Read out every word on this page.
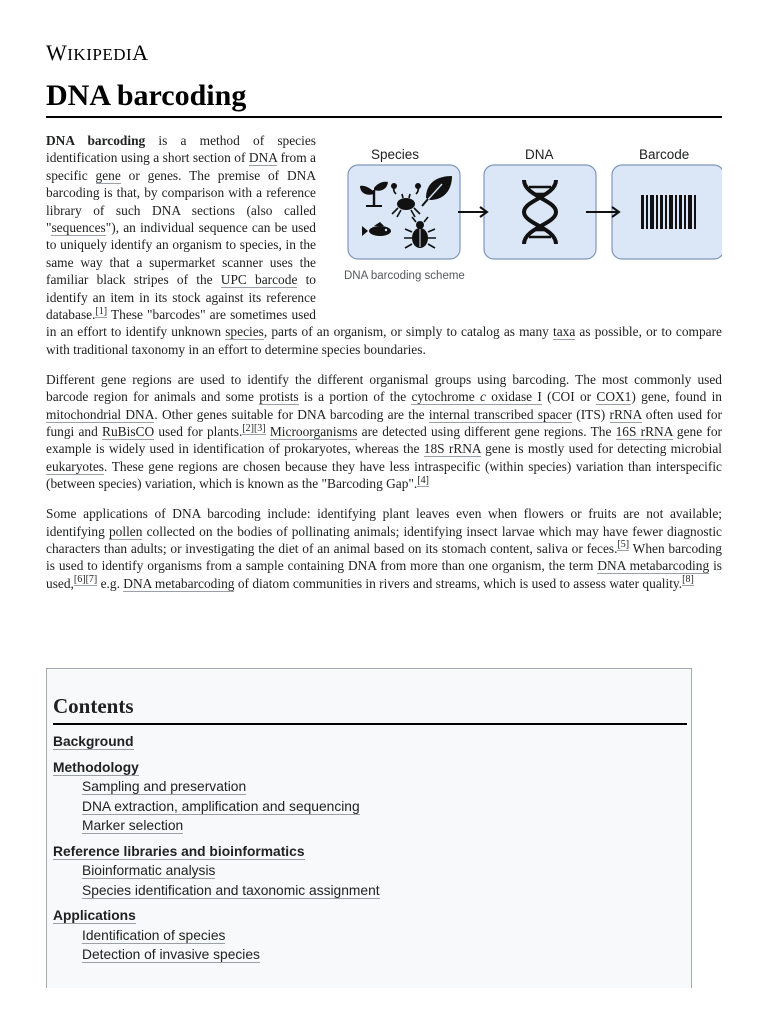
WIKIPEDIA
DNA barcoding
Species	DNA	Barcode
DNA barcoding scheme

DNA barcoding is a method of species identification using a short section of DNA from a specific gene or genes. The premise of DNA barcoding is that, by comparison with a reference library of such DNA sections (also called "sequences"), an individual sequence can be used to uniquely identify an organism to species, in the same way that a supermarket scanner uses the familiar black stripes of the UPC barcode to identify an item in its stock against its reference database.[1] These "barcodes" are sometimes used in an effort to identify unknown species, parts of an organism, or simply to catalog as many taxa as possible, or to compare with traditional taxonomy in an effort to determine species boundaries.

Different gene regions are used to identify the different organismal groups using barcoding. The most commonly used barcode region for animals and some protists is a portion of the cytochrome c oxidase I (COI or COX1) gene, found in mitochondrial DNA. Other genes suitable for DNA barcoding are the internal transcribed spacer (ITS) rRNA often used for fungi and RuBisCO used for plants.[2][3] Microorganisms are detected using different gene regions. The 16S rRNA gene for example is widely used in identification of prokaryotes, whereas the 18S rRNA gene is mostly used for detecting microbial eukaryotes. These gene regions are chosen because they have less intraspecific (within species) variation than interspecific (between species) variation, which is known as the "Barcoding Gap".[4]

Some applications of DNA barcoding include: identifying plant leaves even when flowers or fruits are not available; identifying pollen collected on the bodies of pollinating animals; identifying insect larvae which may have fewer diagnostic characters than adults; or investigating the diet of an animal based on its stomach content, saliva or feces.[5] When barcoding is used to identify organisms from a sample containing DNA from more than one organism, the term DNA metabarcoding is used,[6][7] e.g. DNA metabarcoding of diatom communities in rivers and streams, which is used to assess water quality.[8]

Contents
Background
Methodology
Sampling and preservation
DNA extraction, amplification and sequencing
Marker selection
Reference libraries and bioinformatics
Bioinformatic analysis
Species identification and taxonomic assignment
Applications
Identification of species
Detection of invasive species
